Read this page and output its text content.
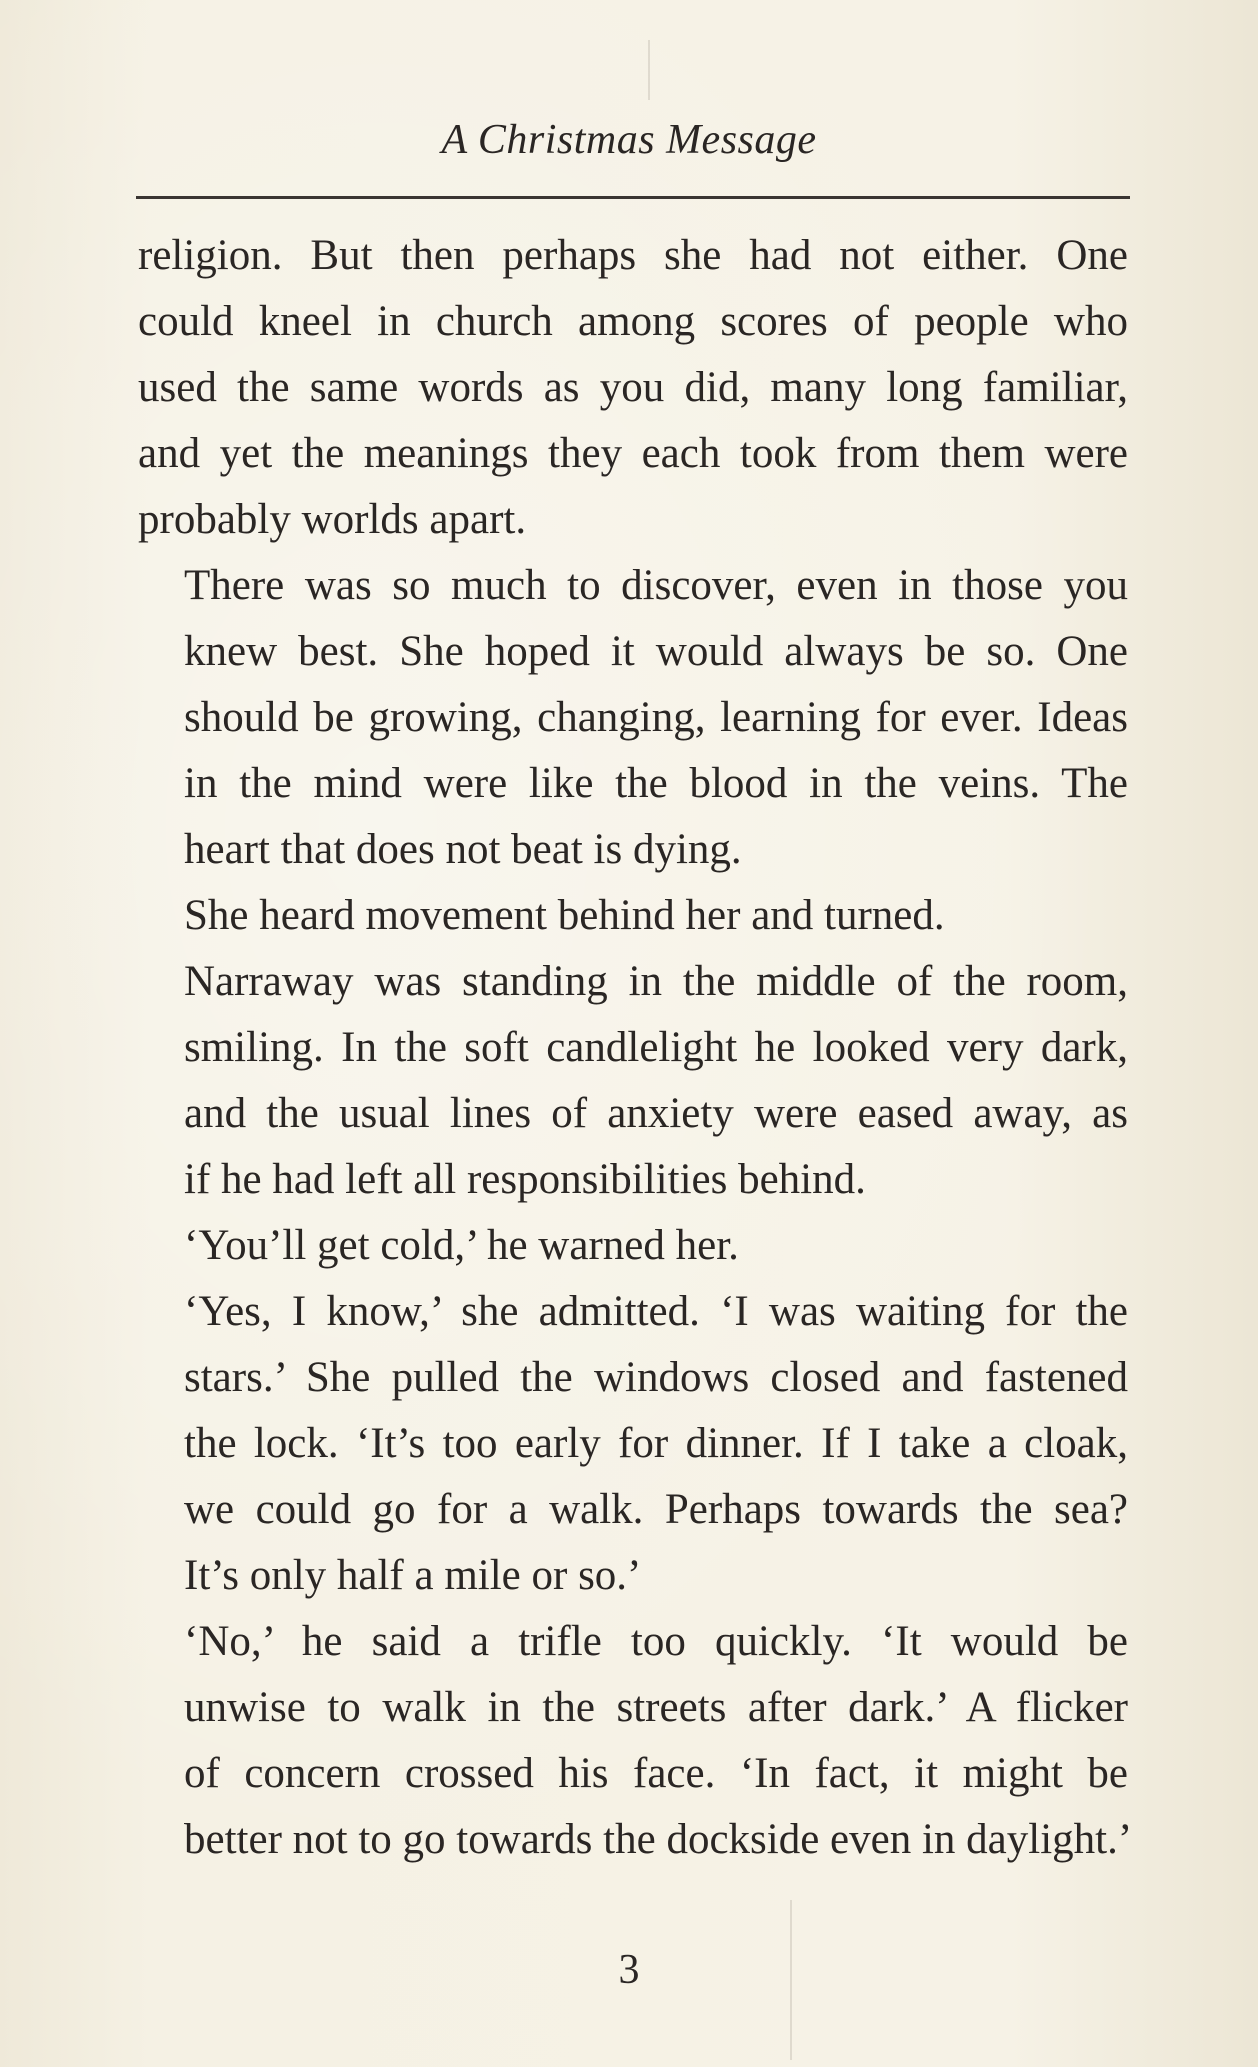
A Christmas Message
religion. But then perhaps she had not either. One
could kneel in church among scores of people who
used the same words as you did, many long familiar,
and yet the meanings they each took from them were
probably worlds apart.
There was so much to discover, even in those you
knew best. She hoped it would always be so. One
should be growing, changing, learning for ever. Ideas
in the mind were like the blood in the veins. The
heart that does not beat is dying.
She heard movement behind her and turned.
Narraway was standing in the middle of the room,
smiling. In the soft candlelight he looked very dark,
and the usual lines of anxiety were eased away, as
if he had left all responsibilities behind.
‘You’ll get cold,’ he warned her.
‘Yes, I know,’ she admitted. ‘I was waiting for the
stars.’ She pulled the windows closed and fastened
the lock. ‘It’s too early for dinner. If I take a cloak,
we could go for a walk. Perhaps towards the sea?
It’s only half a mile or so.’
‘No,’ he said a trifle too quickly. ‘It would be
unwise to walk in the streets after dark.’ A flicker
of concern crossed his face. ‘In fact, it might be
better not to go towards the dockside even in daylight.’
3
